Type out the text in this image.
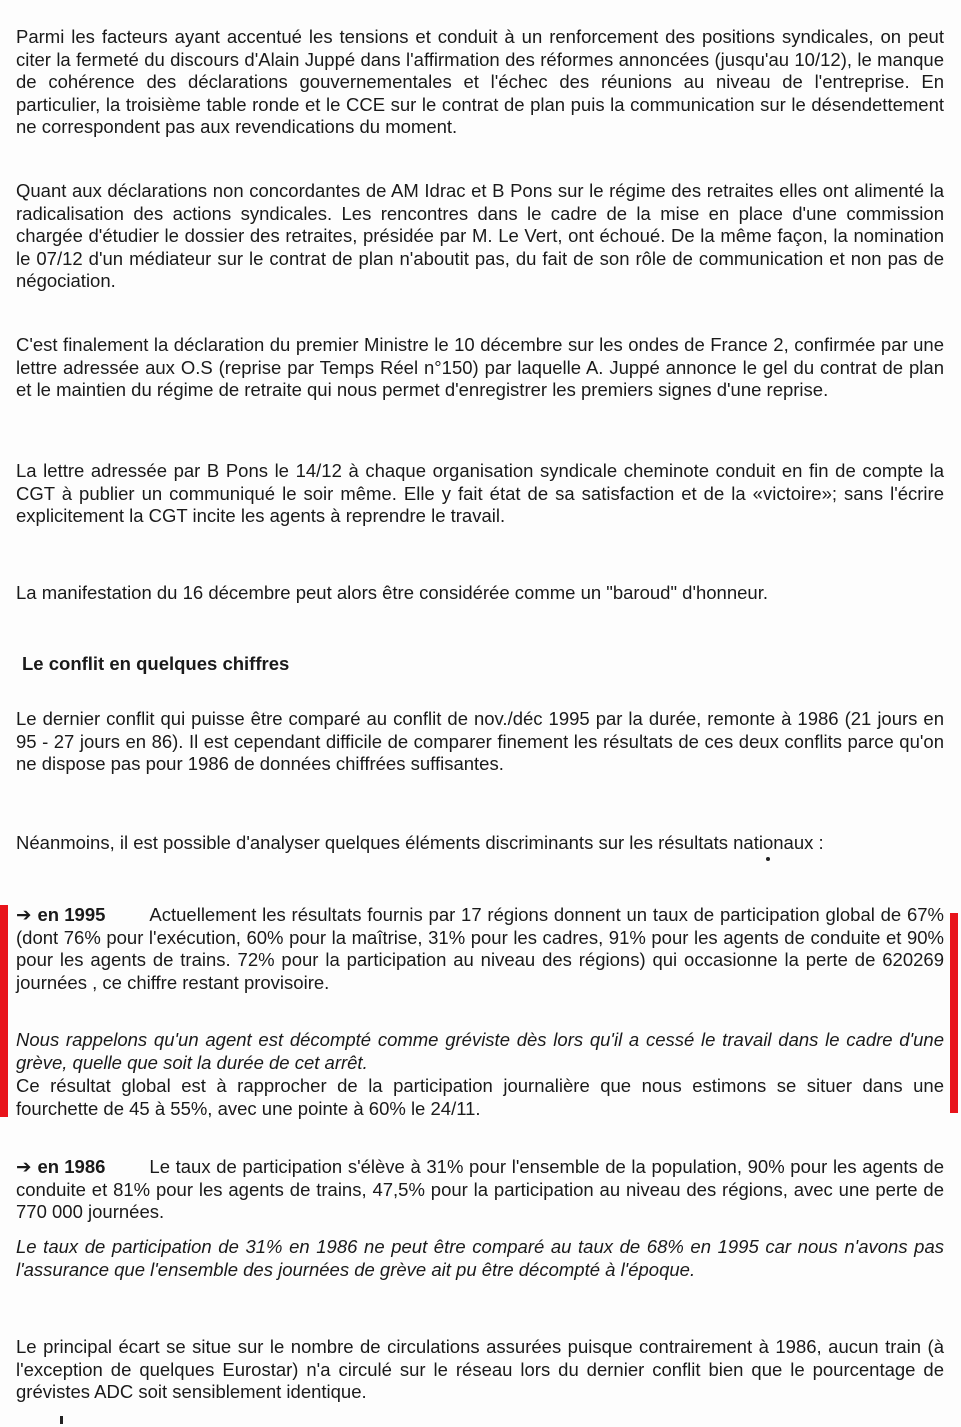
Parmi les facteurs ayant accentué les tensions et conduit à un renforcement des positions syndicales, on peut citer la fermeté du discours d'Alain Juppé dans l'affirmation des réformes annoncées (jusqu'au 10/12), le manque de cohérence des déclarations gouvernementales et l'échec des réunions au niveau de l'entreprise. En particulier, la troisième table ronde et le CCE sur le contrat de plan puis la communication sur le désendettement ne correspondent pas aux revendications du moment.

Quant aux déclarations non concordantes de AM Idrac et B Pons sur le régime des retraites elles ont alimenté la radicalisation des actions syndicales. Les rencontres dans le cadre de la mise en place d'une commission chargée d'étudier le dossier des retraites, présidée par M. Le Vert, ont échoué. De la même façon, la nomination le 07/12 d'un médiateur sur le contrat de plan n'aboutit pas, du fait de son rôle de communication et non pas de négociation.

C'est finalement la déclaration du premier Ministre le 10 décembre sur les ondes de France 2, confirmée par une lettre adressée aux O.S (reprise par Temps Réel n°150) par laquelle A. Juppé annonce le gel du contrat de plan et le maintien du régime de retraite qui nous permet d'enregistrer les premiers signes d'une reprise.

La lettre adressée par B Pons le 14/12 à chaque organisation syndicale cheminote conduit en fin de compte la CGT à publier un communiqué le soir même. Elle y fait état de sa satisfaction et de la «victoire»; sans l'écrire explicitement la CGT incite les agents à reprendre le travail.

La manifestation du 16 décembre peut alors être considérée comme un "baroud" d'honneur.

Le conflit en quelques chiffres

Le dernier conflit qui puisse être comparé au conflit de nov./déc 1995 par la durée, remonte à 1986 (21 jours en 95 - 27 jours en 86). Il est cependant difficile de comparer finement les résultats de ces deux conflits parce qu'on ne dispose pas pour 1986 de données chiffrées suffisantes.

Néanmoins, il est possible d'analyser quelques éléments discriminants sur les résultats nationaux :

➔ en 1995 Actuellement les résultats fournis par 17 régions donnent un taux de participation global de 67% (dont 76% pour l'exécution, 60% pour la maîtrise, 31% pour les cadres, 91% pour les agents de conduite et 90% pour les agents de trains. 72% pour la participation au niveau des régions) qui occasionne la perte de 620269 journées , ce chiffre restant provisoire.

Nous rappelons qu'un agent est décompté comme gréviste dès lors qu'il a cessé le travail dans le cadre d'une grève, quelle que soit la durée de cet arrêt.

Ce résultat global est à rapprocher de la participation journalière que nous estimons se situer dans une fourchette de 45 à 55%, avec une pointe à 60% le 24/11.

➔ en 1986 Le taux de participation s'élève à 31% pour l'ensemble de la population, 90% pour les agents de conduite et 81% pour les agents de trains, 47,5% pour la participation au niveau des régions, avec une perte de 770 000 journées.

Le taux de participation de 31% en 1986 ne peut être comparé au taux de 68% en 1995 car nous n'avons pas l'assurance que l'ensemble des journées de grève ait pu être décompté à l'époque.

Le principal écart se situe sur le nombre de circulations assurées puisque contrairement à 1986, aucun train (à l'exception de quelques Eurostar) n'a circulé sur le réseau lors du dernier conflit bien que le pourcentage de grévistes ADC soit sensiblement identique.
